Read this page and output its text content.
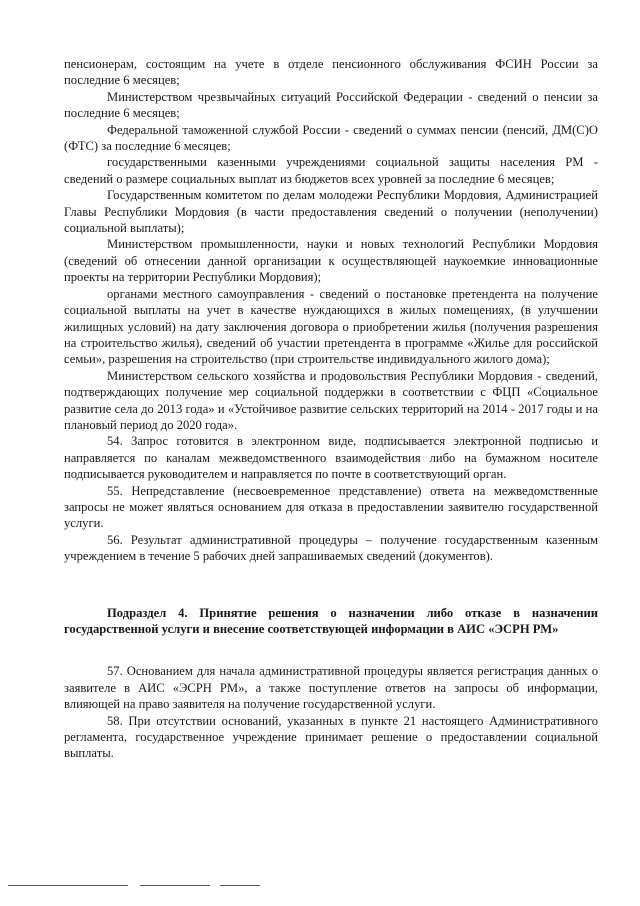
пенсионерам, состоящим на учете в отделе пенсионного обслуживания ФСИН России за последние 6 месяцев;

Министерством чрезвычайных ситуаций Российской Федерации - сведений о пенсии за последние 6 месяцев;

Федеральной таможенной службой России - сведений о суммах пенсии (пенсий, ДМ(С)О (ФТС) за последние 6 месяцев;

государственными казенными учреждениями социальной защиты населения РМ - сведений о размере социальных выплат из бюджетов всех уровней за последние 6 месяцев;

Государственным комитетом по делам молодежи Республики Мордовия, Администрацией Главы Республики Мордовия (в части предоставления сведений о получении (неполучении) социальной выплаты);

Министерством промышленности, науки и новых технологий Республики Мордовия (сведений об отнесении данной организации к осуществляющей наукоемкие инновационные проекты на территории Республики Мордовия);

органами местного самоуправления - сведений о постановке претендента на получение социальной выплаты на учет в качестве нуждающихся в жилых помещениях, (в улучшении жилищных условий) на дату заключения договора о приобретении жилья (получения разрешения на строительство жилья), сведений об участии претендента в программе «Жилье для российской семьи», разрешения на строительство (при строительстве индивидуального жилого дома);

Министерством сельского хозяйства и продовольствия Республики Мордовия - сведений, подтверждающих получение мер социальной поддержки в соответствии с ФЦП «Социальное развитие села до 2013 года» и «Устойчивое развитие сельских территорий на 2014 - 2017 годы и на плановый период до 2020 года».

54. Запрос готовится в электронном виде, подписывается электронной подписью и направляется по каналам межведомственного взаимодействия либо на бумажном носителе подписывается руководителем и направляется по почте в соответствующий орган.

55. Непредставление (несвоевременное представление) ответа на межведомственные запросы не может являться основанием для отказа в предоставлении заявителю государственной услуги.

56. Результат административной процедуры – получение государственным казенным учреждением в течение 5 рабочих дней запрашиваемых сведений (документов).

Подраздел 4. Принятие решения о назначении либо отказе в назначении государственной услуги и внесение соответствующей информации в АИС «ЭСРН РМ»

57. Основанием для начала административной процедуры является регистрация данных о заявителе в АИС «ЭСРН РМ», а также поступление ответов на запросы об информации, влияющей на право заявителя на получение государственной услуги.

58. При отсутствии оснований, указанных в пункте 21 настоящего Административного регламента, государственное учреждение принимает решение о предоставлении социальной выплаты.
